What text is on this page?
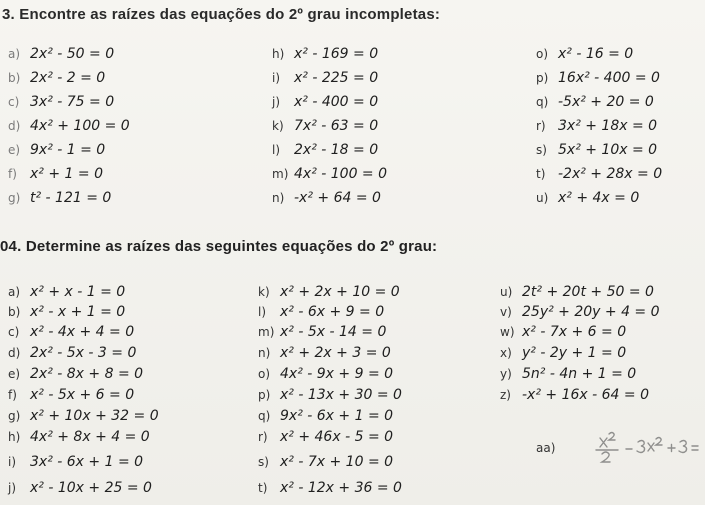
3. Encontre as raízes das equações do 2º grau incompletas:
a) 2x² - 50 = 0
b) 2x² - 2 = 0
c) 3x² - 75 = 0
d) 4x² + 100 = 0
e) 9x² - 1 = 0
f) x² + 1 = 0
g) t² - 121 = 0
h) x² - 169 = 0
i) x² - 225 = 0
j) x² - 400 = 0
k) 7x² - 63 = 0
l) 2x² - 18 = 0
m) 4x² - 100 = 0
n) -x² + 64 = 0
o) x² - 16 = 0
p) 16x² - 400 = 0
q) -5x² + 20 = 0
r) 3x² + 18x = 0
s) 5x² + 10x = 0
t) -2x² + 28x = 0
u) x² + 4x = 0
04. Determine as raízes das seguintes equações do 2º grau:
a) x² + x - 1 = 0
b) x² - x + 1 = 0
c) x² - 4x + 4 = 0
d) 2x² - 5x - 3 = 0
e) 2x² - 8x + 8 = 0
f) x² - 5x + 6 = 0
g) x² + 10x + 32 = 0
h) 4x² + 8x + 4 = 0
i) 3x² - 6x + 1 = 0
j) x² - 10x + 25 = 0
k) x² + 2x + 10 = 0
l) x² - 6x + 9 = 0
m) x² - 5x - 14 = 0
n) x² + 2x + 3 = 0
o) 4x² - 9x + 9 = 0
p) x² - 13x + 30 = 0
q) 9x² - 6x + 1 = 0
r) x² + 46x - 5 = 0
s) x² - 7x + 10 = 0
t) x² - 12x + 36 = 0
u) 2t² + 20t + 50 = 0
v) 25y² + 20y + 4 = 0
w) x² - 7x + 6 = 0
x) y² - 2y + 1 = 0
y) 5n² - 4n + 1 = 0
z) -x² + 16x - 64 = 0
aa)
